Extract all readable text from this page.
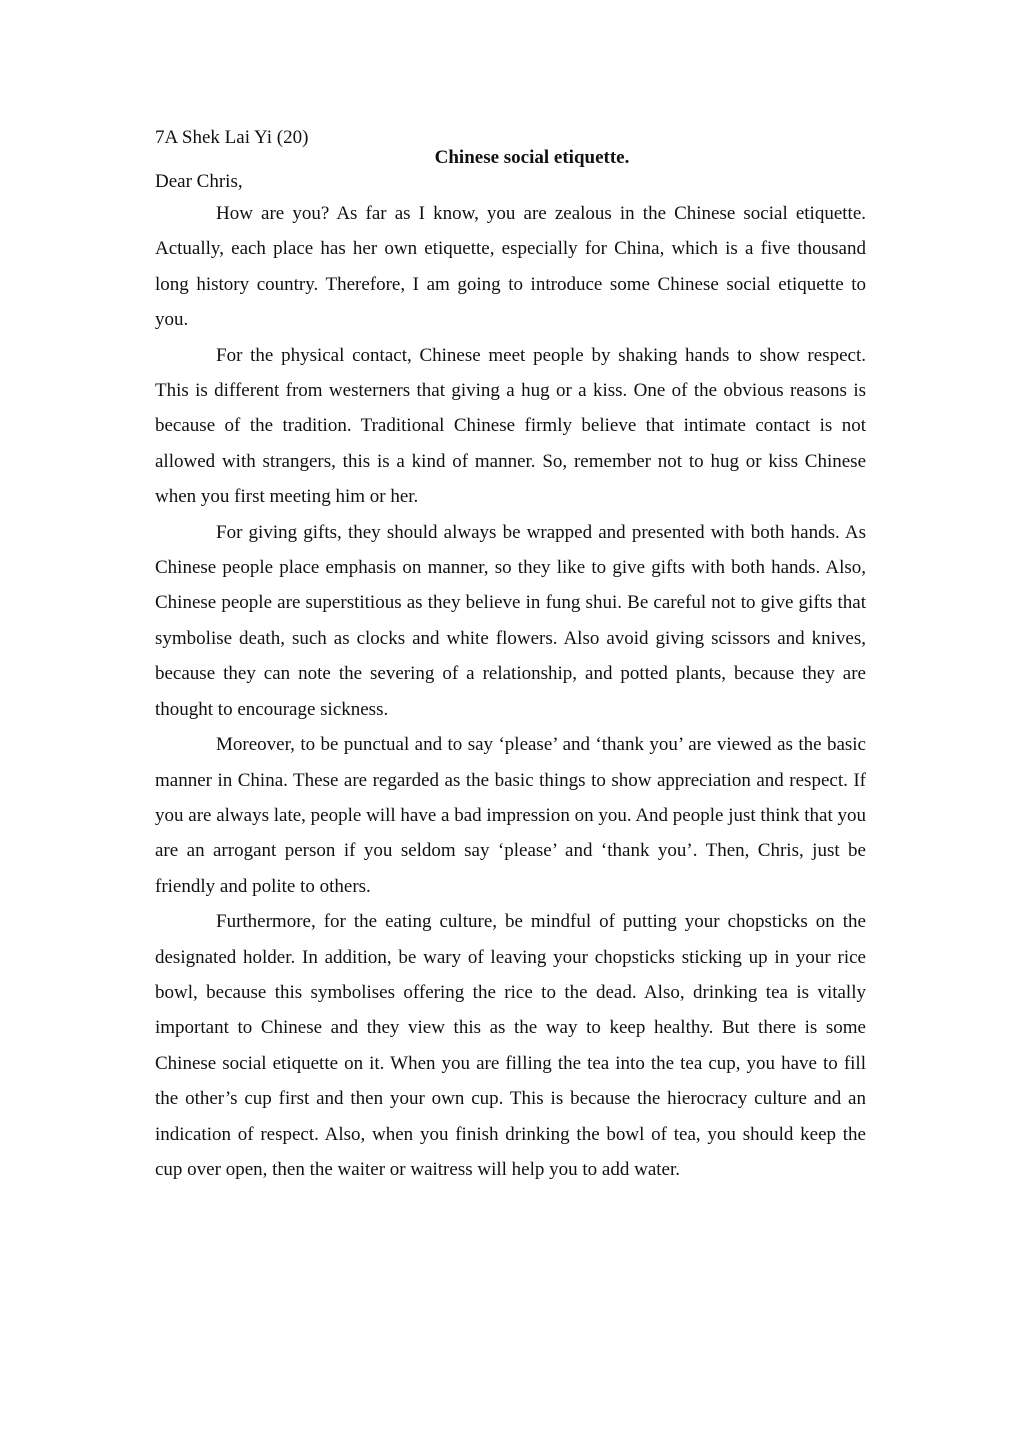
7A Shek Lai Yi (20)

Chinese social etiquette.

Dear Chris,

How are you? As far as I know, you are zealous in the Chinese social etiquette. Actually, each place has her own etiquette, especially for China, which is a five thousand long history country. Therefore, I am going to introduce some Chinese social etiquette to you.

For the physical contact, Chinese meet people by shaking hands to show respect. This is different from westerners that giving a hug or a kiss. One of the obvious reasons is because of the tradition. Traditional Chinese firmly believe that intimate contact is not allowed with strangers, this is a kind of manner. So, remember not to hug or kiss Chinese when you first meeting him or her.

For giving gifts, they should always be wrapped and presented with both hands. As Chinese people place emphasis on manner, so they like to give gifts with both hands. Also, Chinese people are superstitious as they believe in fung shui. Be careful not to give gifts that symbolise death, such as clocks and white flowers. Also avoid giving scissors and knives, because they can note the severing of a relationship, and potted plants, because they are thought to encourage sickness.

Moreover, to be punctual and to say ‘please’ and ‘thank you’ are viewed as the basic manner in China. These are regarded as the basic things to show appreciation and respect. If you are always late, people will have a bad impression on you. And people just think that you are an arrogant person if you seldom say ‘please’ and ‘thank you’. Then, Chris, just be friendly and polite to others.

Furthermore, for the eating culture, be mindful of putting your chopsticks on the designated holder. In addition, be wary of leaving your chopsticks sticking up in your rice bowl, because this symbolises offering the rice to the dead. Also, drinking tea is vitally important to Chinese and they view this as the way to keep healthy. But there is some Chinese social etiquette on it. When you are filling the tea into the tea cup, you have to fill the other’s cup first and then your own cup. This is because the hierocracy culture and an indication of respect. Also, when you finish drinking the bowl of tea, you should keep the cup over open, then the waiter or waitress will help you to add water.
